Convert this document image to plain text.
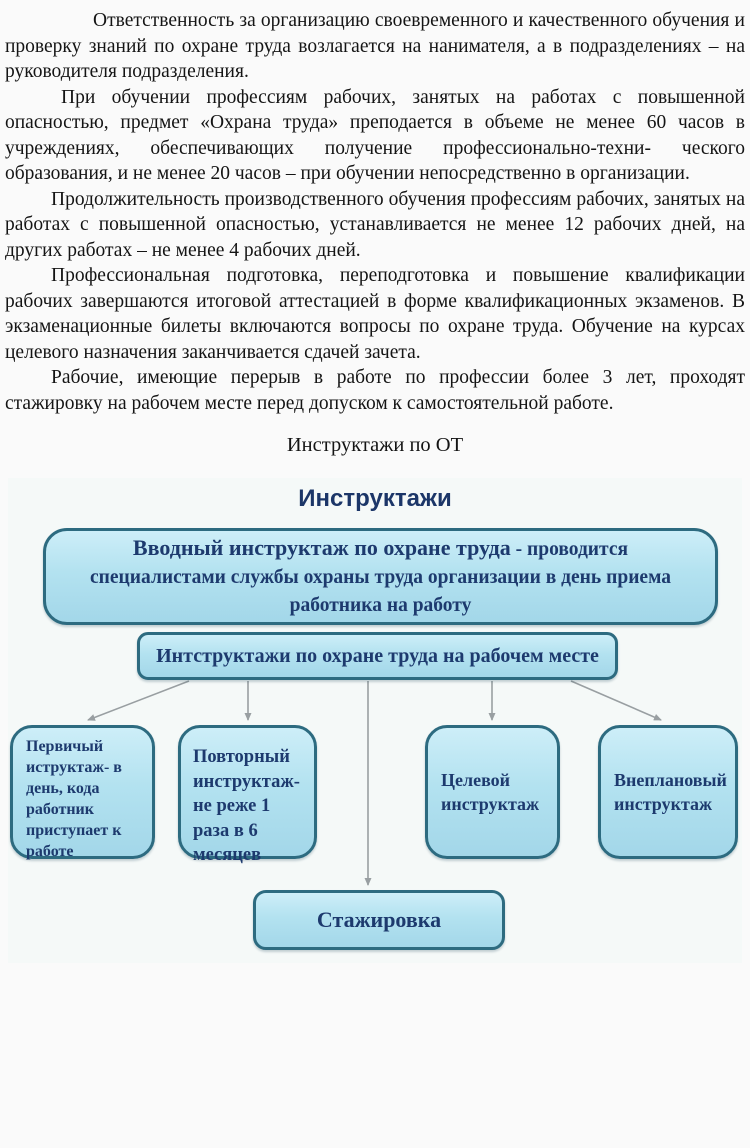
Ответственность за организацию своевременного и качественного обучения и проверку знаний по охране труда возлагается на нанимателя, а в подразделениях – на руководителя подразделения.

При обучении профессиям рабочих, занятых на работах с повышенной опасностью, предмет «Охрана труда» преподается в объеме не менее 60 часов в учреждениях, обеспечивающих получение профессионально-техни- ческого образования, и не менее 20 часов – при обучении непосредственно в организации.

Продолжительность производственного обучения профессиям рабочих, занятых на работах с повышенной опасностью, устанавливается не менее 12 рабочих дней, на других работах – не менее 4 рабочих дней.

Профессиональная подготовка, переподготовка и повышение квалификации рабочих завершаются итоговой аттестацией в форме квалификационных экзаменов. В экзаменационные билеты включаются вопросы по охране труда. Обучение на курсах целевого назначения заканчивается сдачей зачета.

Рабочие, имеющие перерыв в работе по профессии более 3 лет, проходят стажировку на рабочем месте перед допуском к самостоятельной работе.

Инструктажи по ОТ
Инструктажи

Вводный инструктаж по охране труда - проводится специалистами службы охраны труда организации в день приема работника на работу

Интструктажи по охране труда на рабочем месте
Первичый иструктаж- в день, кода работник приступает к работе
Повторный инструктаж- не реже 1 раза в 6 месяцев
Целевой инструктаж
Внеплановый инструктаж
Стажировка
